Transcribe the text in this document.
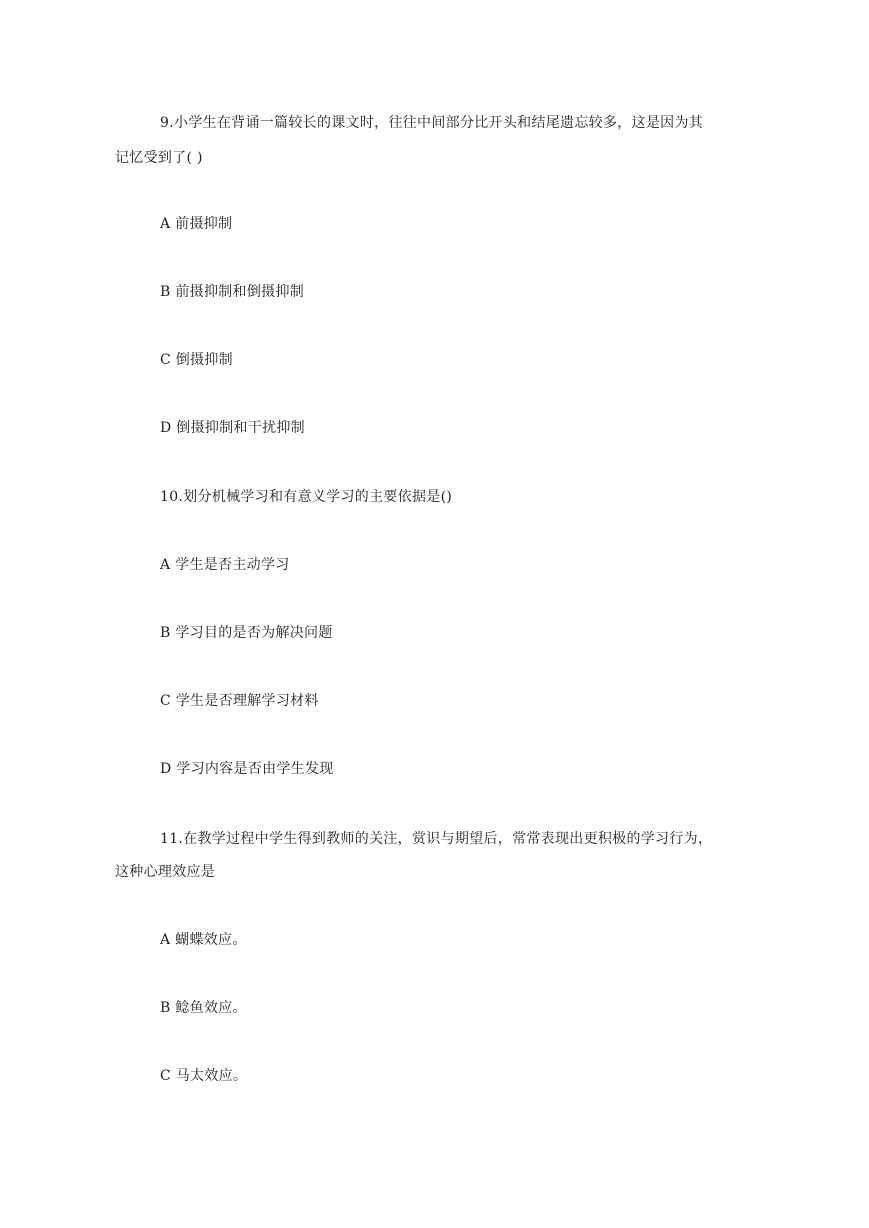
9.小学生在背诵一篇较长的课文时，往往中间部分比开头和结尾遗忘较多，这是因为其
记忆受到了( )
A 前摄抑制
B 前摄抑制和倒摄抑制
C 倒摄抑制
D 倒摄抑制和干扰抑制
10.划分机械学习和有意义学习的主要依据是()
A 学生是否主动学习
B 学习目的是否为解决问题
C 学生是否理解学习材料
D 学习内容是否由学生发现
11.在教学过程中学生得到教师的关注，赏识与期望后，常常表现出更积极的学习行为，
这种心理效应是
A 蝴蝶效应。
B 鲶鱼效应。
C 马太效应。
